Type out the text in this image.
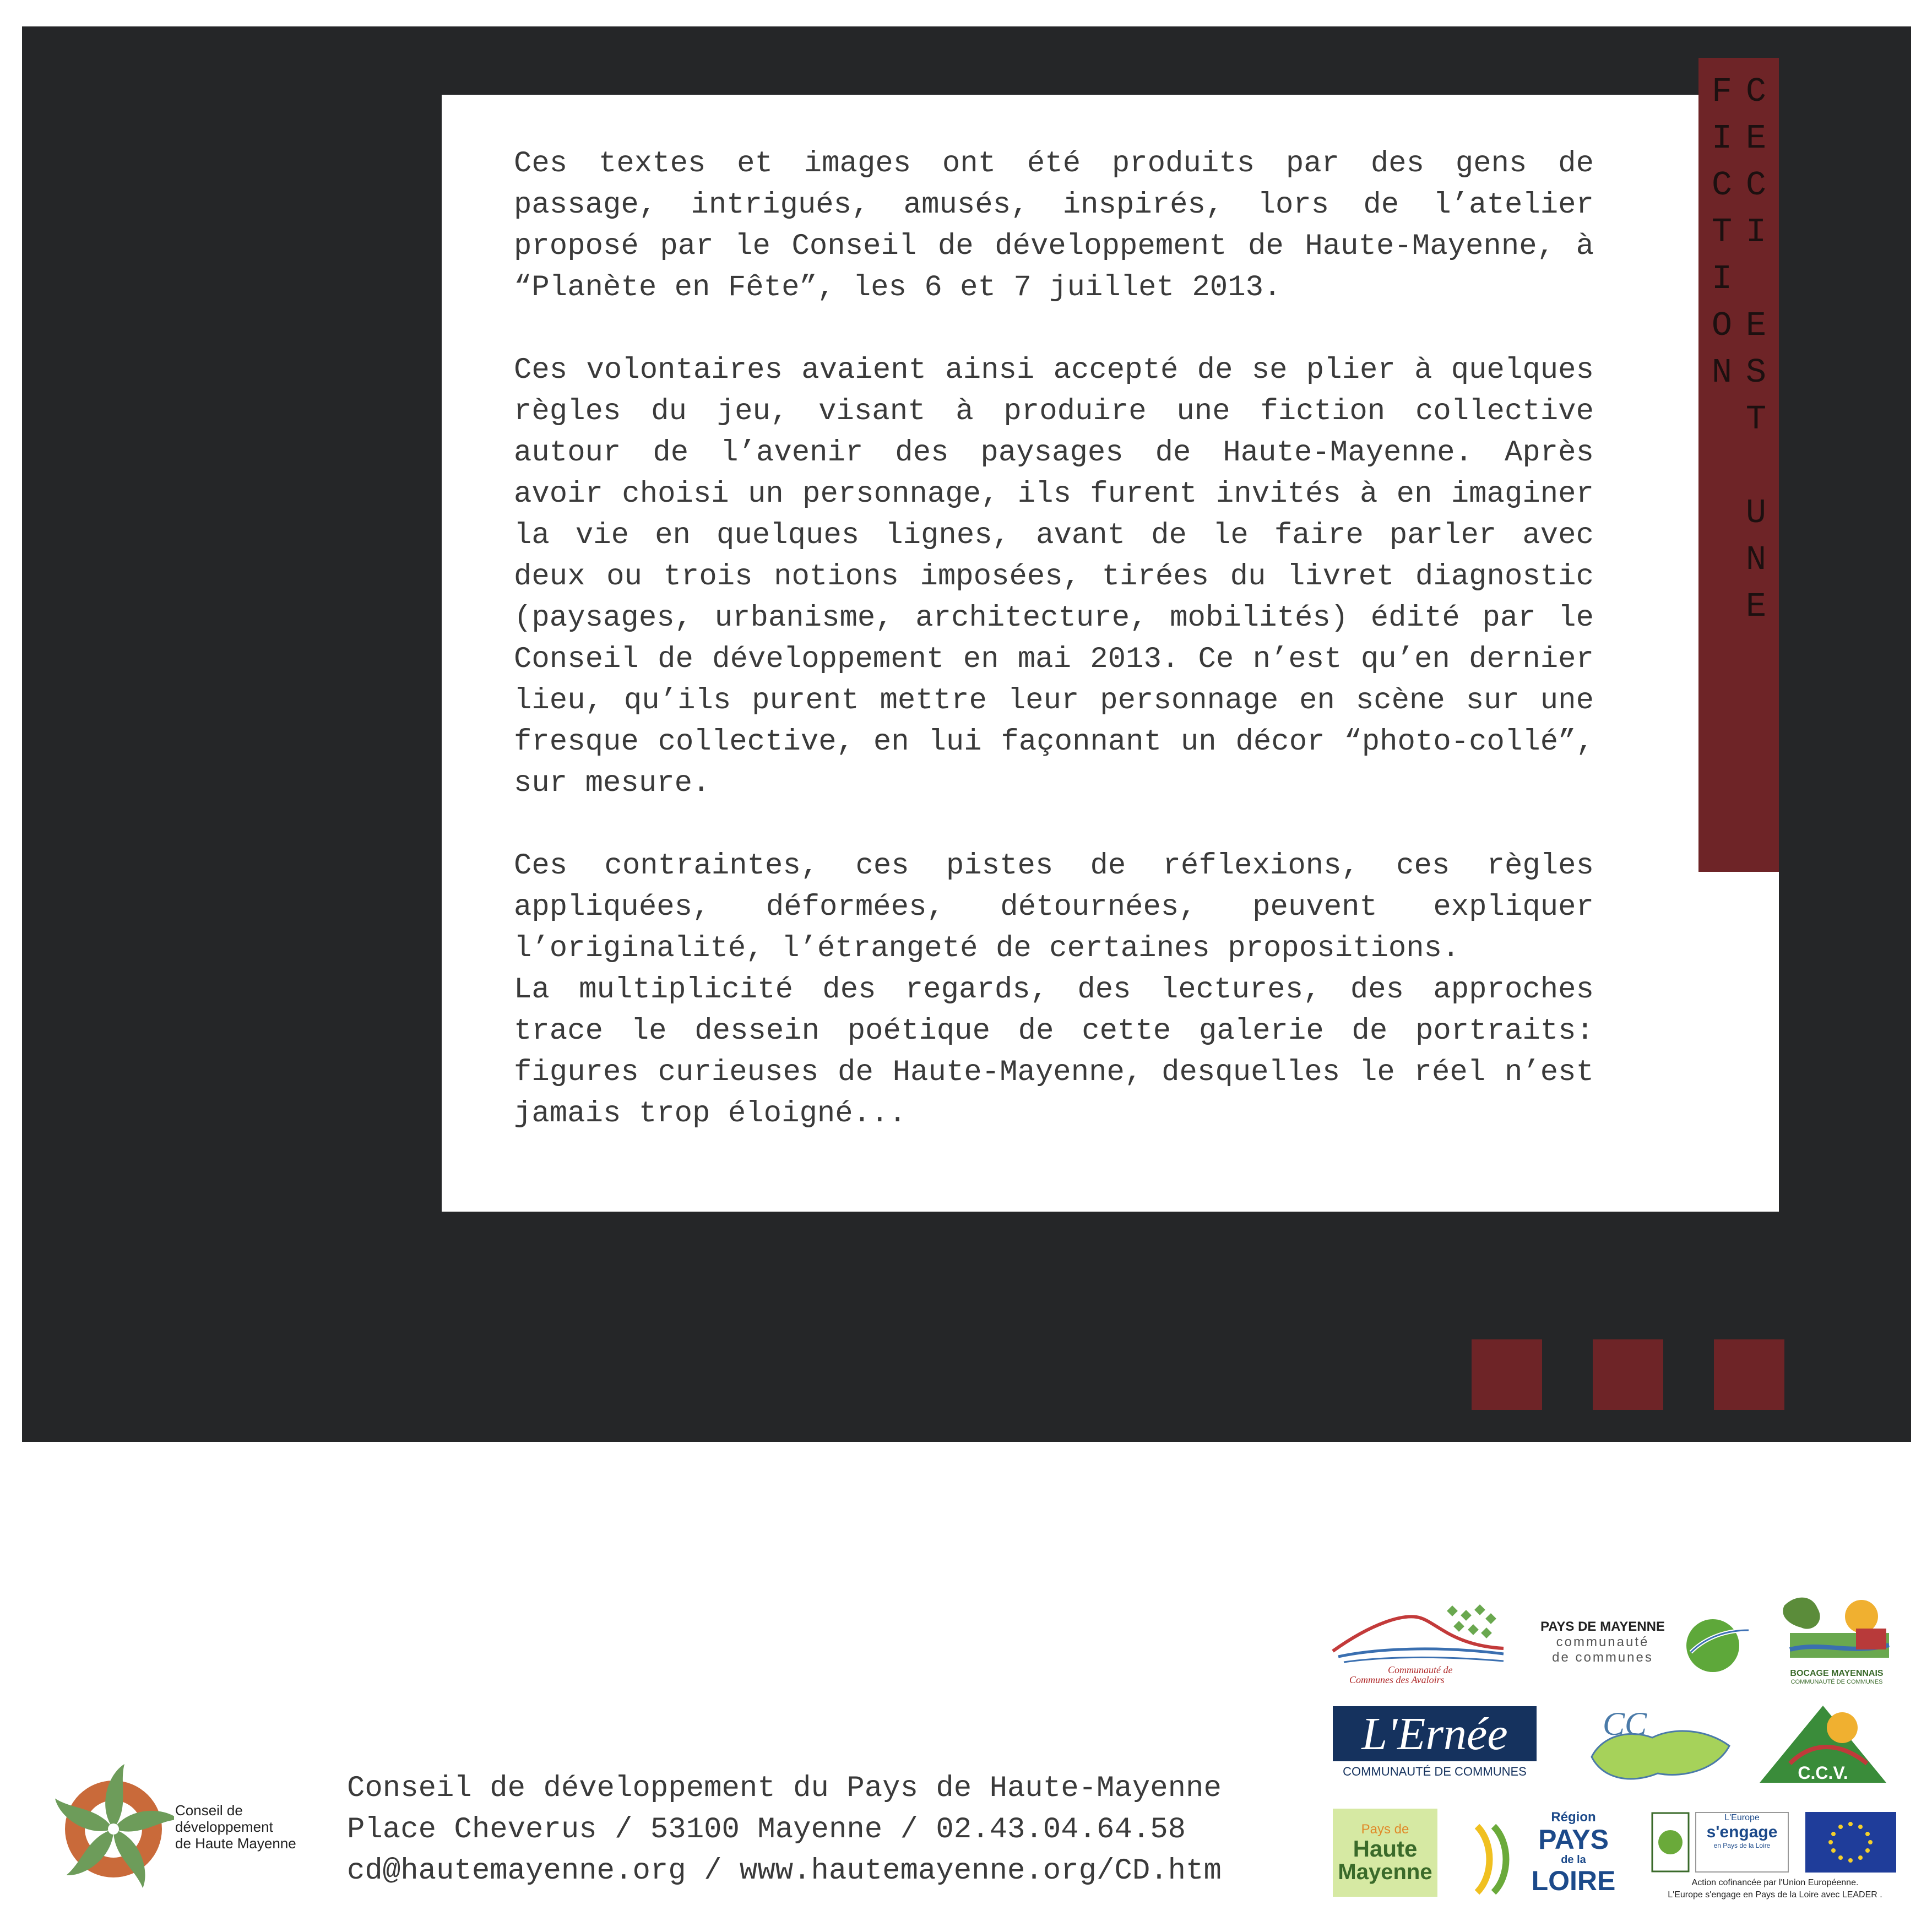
Ces textes et images ont été produits par des gens de passage, intrigués, amusés, inspirés, lors de l’atelier proposé par le Conseil de développement de Haute-Mayenne, à “Planète en Fête”, les 6 et 7 juillet 2013.

Ces volontaires avaient ainsi accepté de se plier à quelques règles du jeu, visant à produire une fiction collective autour de l’avenir des paysages de Haute-Mayenne. Après avoir choisi un personnage, ils furent invités à en imaginer la vie en quelques lignes, avant de le faire parler avec deux ou trois notions imposées, tirées du livret diagnostic (paysages, urbanisme, architecture, mobilités) édité par le Conseil de développement en mai 2013. Ce n’est qu’en dernier lieu, qu’ils purent mettre leur personnage en scène sur une fresque collective, en lui façonnant un décor “photo-collé”, sur mesure.

Ces contraintes, ces pistes de réflexions, ces règles appliquées, déformées, détournées, peuvent expliquer l’originalité, l’étrangeté de certaines propositions.

La multiplicité des regards, des lectures, des approches trace le dessein poétique de cette galerie de portraits: figures curieuses de Haute-Mayenne, desquelles le réel n’est jamais trop éloigné...

CECI EST UNE FICTION
Conseil de
développement
de Haute Mayenne
Conseil de développement du Pays de Haute-Mayenne
Place Cheverus / 53100 Mayenne / 02.43.04.64.58
cd@hautemayenne.org / www.hautemayenne.org/CD.htm
Communauté de
Communes des Avaloirs
PAYS DE MAYENNE
communauté
de communes
BOCAGE MAYENNAIS
COMMUNAUTÉ DE COMMUNES
L'Ernée
COMMUNAUTÉ DE COMMUNES
CC
C.C.V.
Pays de
Haute
Mayenne
Région
PAYS
de la
LOIRE
L'Europe
s'engage
en Pays de la Loire
Action cofinancée par l'Union Européenne.
L'Europe s'engage en Pays de la Loire avec LEADER .
